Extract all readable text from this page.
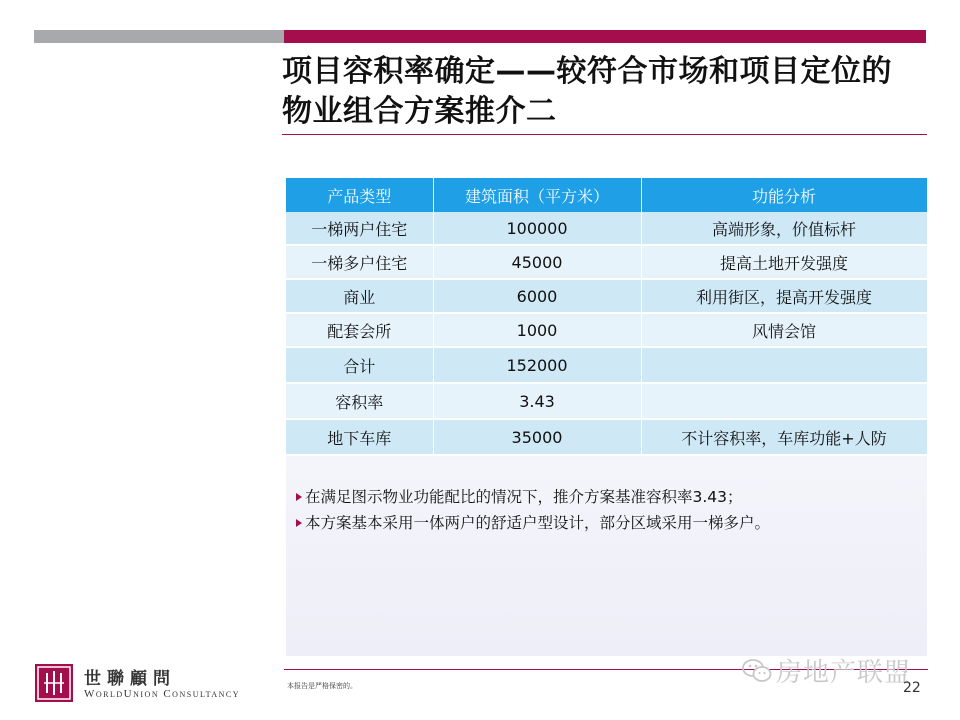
项目容积率确定——较符合市场和项目定位的
物业组合方案推介二
产品类型	建筑面积（平方米）	功能分析
一梯两户住宅	100000	高端形象，价值标杆
一梯多户住宅	45000	提高土地开发强度
商业	6000	利用街区，提高开发强度
配套会所	1000	风情会馆
合计	152000	
容积率	3.43	
地下车库	35000	不计容积率，车库功能+人防
在满足图示物业功能配比的情况下，推介方案基准容积率3.43；
本方案基本采用一体两户的舒适户型设计，部分区域采用一梯多户。
世聯顧問
WorldUnion Consultancy
本报告是严格保密的。	房地产联盟
22
